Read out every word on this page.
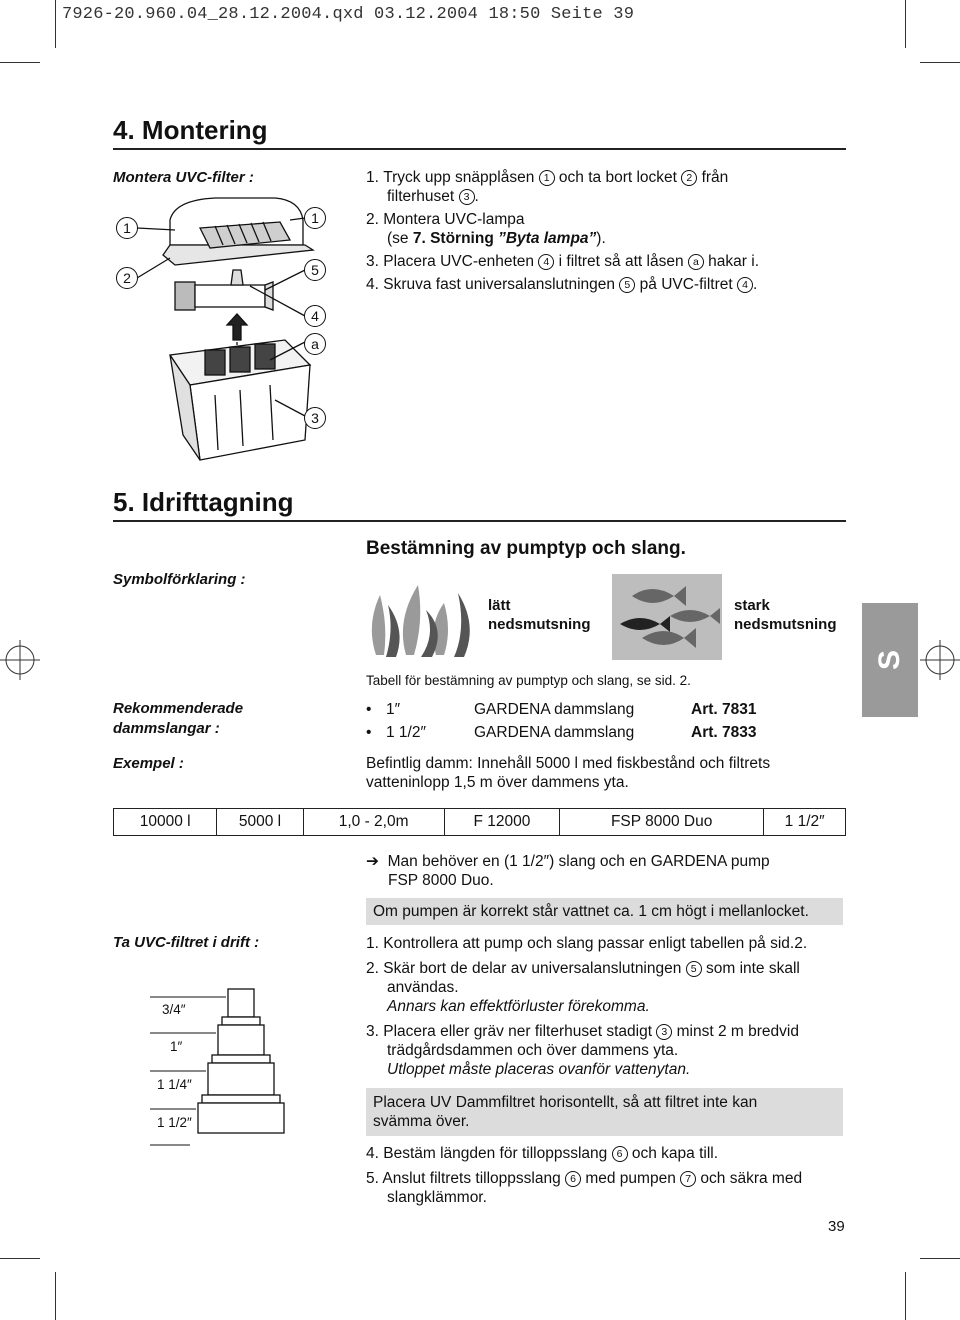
7926-20.960.04_28.12.2004.qxd 03.12.2004 18:50 Seite 39
4. Montering
Montera UVC-filter :	1. Tryck upp snäpplåsen 1 och ta bort locket 2 från
filterhuset 3 .
2. Montera UVC-lampa
(se 7. Störning ”Byta lampa”).
3. Placera UVC-enheten 4 i filtret så att låsen a hakar i.
4. Skruva fast universalanslutningen 5 på UVC-filtret 4 .
1
2
1
5
4
a
3
5. Idrifttagning
Bestämning av pumptyp och slang.
Symbolförklaring :
lätt
nedsmutsning
stark
nedsmutsning
Tabell för bestämning av pumptyp och slang, se sid. 2.
Rekommenderade
dammslangar :
• 1″	GARDENA dammslang	Art. 7831
• 1 1/2″	GARDENA dammslang	Art. 7833
Exempel :	Befintlig damm: Innehåll 5000 l med fiskbestånd och filtrets
vatteninlopp 1,5 m över dammens yta.
10000 l	5000 l	1,0 - 2,0m	F 12000	FSP 8000 Duo	1 1/2″
➔ Man behöver en (1 1/2″) slang och en GARDENA pump
FSP 8000 Duo.
Om pumpen är korrekt står vattnet ca. 1 cm högt i mellanlocket.
Ta UVC-filtret i drift :
3/4″
1″
1 1/4″
1 1/2″
1. Kontrollera att pump och slang passar enligt tabellen på sid.2.
2. Skär bort de delar av universalanslutningen 5 som inte skall
användas.
Annars kan effektförluster förekomma.
3. Placera eller gräv ner filterhuset stadigt 3 minst 2 m bredvid
trädgårdsdammen och över dammens yta.
Utloppet måste placeras ovanför vattenytan.
Placera UV Dammfiltret horisontellt, så att filtret inte kan
svämma över.
4. Bestäm längden för tilloppsslang 6 och kapa till.
5. Anslut filtrets tilloppsslang 6 med pumpen 7 och säkra med
slangklämmor.
S
39
